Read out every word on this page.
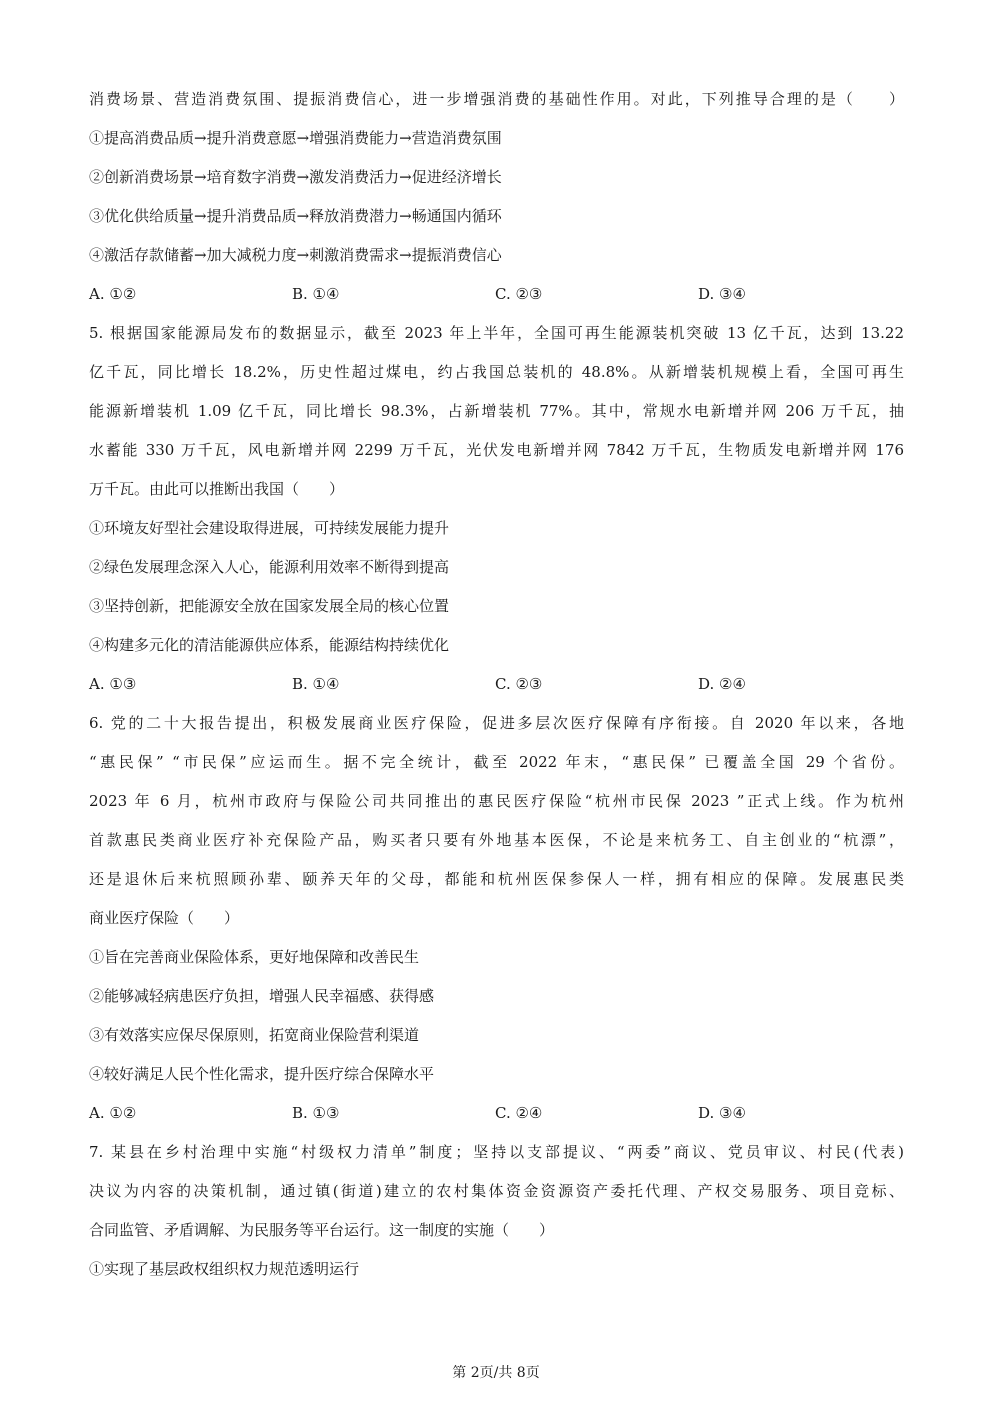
消费场景、营造消费氛围、提振消费信心，进一步增强消费的基础性作用。对此，下列推导合理的是（　　）
①提高消费品质→提升消费意愿→增强消费能力→营造消费氛围
②创新消费场景→培育数字消费→激发消费活力→促进经济增长
③优化供给质量→提升消费品质→释放消费潜力→畅通国内循环
④激活存款储蓄→加大减税力度→刺激消费需求→提振消费信心
A. ①②	B. ①④	C. ②③	D. ③④
5. 根据国家能源局发布的数据显示，截至 2023 年上半年，全国可再生能源装机突破 13 亿千瓦，达到 13.22
亿千瓦，同比增长 18.2%，历史性超过煤电，约占我国总装机的 48.8%。从新增装机规模上看，全国可再生
能源新增装机 1.09 亿千瓦，同比增长 98.3%，占新增装机 77%。其中，常规水电新增并网 206 万千瓦，抽
水蓄能 330 万千瓦，风电新增并网 2299 万千瓦，光伏发电新增并网 7842 万千瓦，生物质发电新增并网 176
万千瓦。由此可以推断出我国（　　）
①环境友好型社会建设取得进展，可持续发展能力提升
②绿色发展理念深入人心，能源利用效率不断得到提高
③坚持创新，把能源安全放在国家发展全局的核心位置
④构建多元化的清洁能源供应体系，能源结构持续优化
A. ①③	B. ①④	C. ②③	D. ②④
6. 党的二十大报告提出，积极发展商业医疗保险，促进多层次医疗保障有序衔接。自 2020 年以来，各地
“惠民保” “市民保”应运而生。据不完全统计，截至 2022 年末，“惠民保” 已覆盖全国 29 个省份。
2023 年 6 月，杭州市政府与保险公司共同推出的惠民医疗保险“杭州市民保 2023 ”正式上线。作为杭州
首款惠民类商业医疗补充保险产品，购买者只要有外地基本医保，不论是来杭务工、自主创业的“杭漂”，
还是退休后来杭照顾孙辈、颐养天年的父母，都能和杭州医保参保人一样，拥有相应的保障。发展惠民类
商业医疗保险（　　）
①旨在完善商业保险体系，更好地保障和改善民生
②能够减轻病患医疗负担，增强人民幸福感、获得感
③有效落实应保尽保原则，拓宽商业保险营利渠道
④较好满足人民个性化需求，提升医疗综合保障水平
A. ①②	B. ①③	C. ②④	D. ③④
7. 某县在乡村治理中实施“村级权力清单”制度；坚持以支部提议、“两委”商议、党员审议、村民(代表)
决议为内容的决策机制，通过镇(街道)建立的农村集体资金资源资产委托代理、产权交易服务、项目竞标、
合同监管、矛盾调解、为民服务等平台运行。这一制度的实施（　　）
①实现了基层政权组织权力规范透明运行
第 2页/共 8页
